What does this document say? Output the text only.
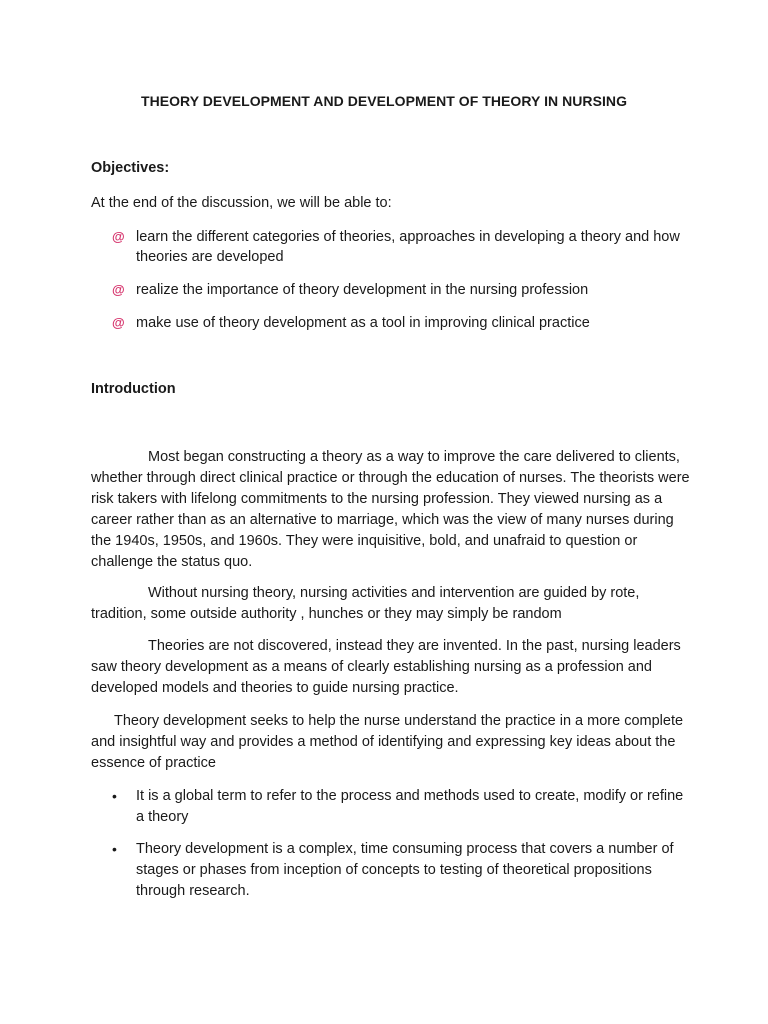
THEORY DEVELOPMENT AND DEVELOPMENT OF THEORY IN NURSING
Objectives:
At the end of the discussion, we will be able to:
@ learn the different categories of theories, approaches in developing a theory and how theories are developed
@ realize the importance of theory development in the nursing profession
@ make use of theory development as a tool in improving clinical practice
Introduction

Most began constructing a theory as a way to improve the care delivered to clients, whether through direct clinical practice or through the education of nurses. The theorists were risk takers with lifelong commitments to the nursing profession. They viewed nursing as a career rather than as an alternative to marriage, which was the view of many nurses during the 1940s, 1950s, and 1960s. They were inquisitive, bold, and unafraid to question or challenge the status quo.

Without nursing theory, nursing activities and intervention are guided by rote, tradition, some outside authority , hunches or they may simply be random

Theories are not discovered, instead they are invented. In the past, nursing leaders saw theory development as a means of clearly establishing nursing as a profession and developed models and theories to guide nursing practice.

Theory development seeks to help the nurse understand the practice in a more complete and insightful way and provides a method of identifying and expressing key ideas about the essence of practice

•	It is a global term to refer to the process and methods used to create, modify or refine a theory
•	Theory development is a complex, time consuming process that covers a number of stages or phases from inception of concepts to testing of theoretical propositions through research.
